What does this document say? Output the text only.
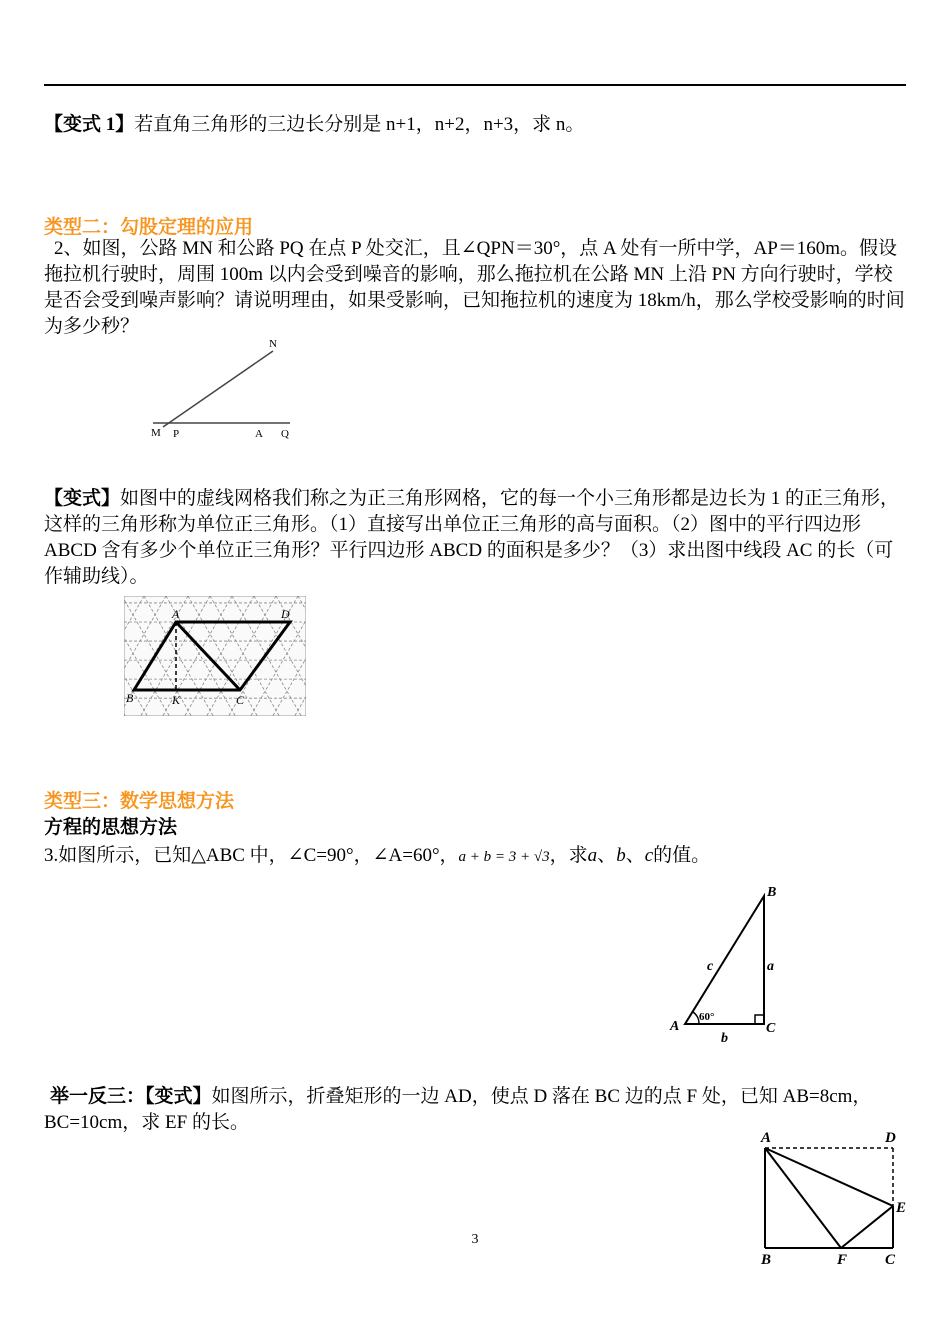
【变式 1】若直角三角形的三边长分别是 n+1，n+2，n+3，求 n。
类型二：勾股定理的应用
2、如图，公路 MN 和公路 PQ 在点 P 处交汇，且∠QPN＝30°，点 A 处有一所中学，AP＝160m。假设拖拉机行驶时，周围 100m 以内会受到噪音的影响，那么拖拉机在公路 MN 上沿 PN 方向行驶时，学校是否会受到噪声影响？请说明理由，如果受影响，已知拖拉机的速度为 18km/h，那么学校受影响的时间为多少秒？
N
M P	A Q
【变式】如图中的虚线网格我们称之为正三角形网格，它的每一个小三角形都是边长为 1 的正三角形，这样的三角形称为单位正三角形。（1）直接写出单位正三角形的高与面积。（2）图中的平行四边形 ABCD 含有多少个单位正三角形？平行四边形 ABCD 的面积是多少？（3）求出图中线段 AC 的长（可作辅助线）。
A	D
B	K	C
类型三：数学思想方法
方程的思想方法
3.如图所示，已知△ABC 中，∠C=90°，∠A=60°，a + b = 3 + √3，求a、b、c的值。
B
A	C
a
b
c
60°
举一反三：【变式】如图所示，折叠矩形的一边 AD，使点 D 落在 BC 边的点 F 处，已知 AB=8cm，BC=10cm，求 EF 的长。
A	D
E
B	F	C
3
